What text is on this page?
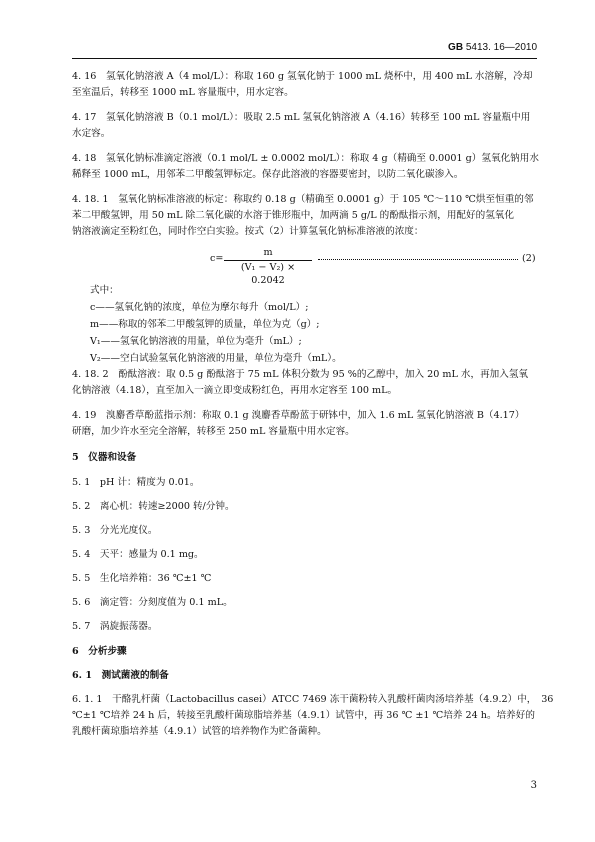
GB 5413. 16—2010
4. 16　氢氧化钠溶液 A（4 mol/L）：称取 160 g 氢氧化钠于 1000 mL 烧杯中，用 400 mL 水溶解，冷却
至室温后，转移至 1000 mL 容量瓶中，用水定容。
4. 17　氢氧化钠溶液 B（0.1 mol/L）：吸取 2.5 mL 氢氧化钠溶液 A（4.16）转移至 100 mL 容量瓶中用
水定容。
4. 18　氢氧化钠标准滴定溶液（0.1 mol/L ± 0.0002 mol/L）：称取 4 g（精确至 0.0001 g）氢氧化钠用水
稀释至 1000 mL，用邻苯二甲酸氢钾标定。保存此溶液的容器要密封，以防二氧化碳渗入。
4. 18. 1　氢氧化钠标准溶液的标定：称取约 0.18 g（精确至 0.0001 g）于 105 ℃～110 ℃烘至恒重的邻
苯二甲酸氢钾，用 50 mL 除二氧化碳的水溶于锥形瓶中，加两滴 5 g/L 的酚酞指示剂，用配好的氢氧化
钠溶液滴定至粉红色，同时作空白实验。按式（2）计算氢氧化钠标准溶液的浓度：
c=
m
(V₁ − V₂) × 0.2042
(2)
式中：
c——氢氧化钠的浓度，单位为摩尔每升（mol/L）;
m——称取的邻苯二甲酸氢钾的质量，单位为克（g）;
V₁——氢氧化钠溶液的用量，单位为毫升（mL）;
V₂——空白试验氢氧化钠溶液的用量，单位为毫升（mL）。
4. 18. 2　酚酞溶液：取 0.5 g 酚酞溶于 75 mL 体积分数为 95 %的乙醇中，加入 20 mL 水，再加入氢氧
化钠溶液（4.18），直至加入一滴立即变成粉红色，再用水定容至 100 mL。
4. 19　溴麝香草酚蓝指示剂：称取 0.1 g 溴麝香草酚蓝于研钵中，加入 1.6 mL 氢氧化钠溶液 B（4.17）
研磨，加少许水至完全溶解，转移至 250 mL 容量瓶中用水定容。
5　仪器和设备
5. 1　pH 计：精度为 0.01。
5. 2　离心机：转速≥2000 转/分钟。
5. 3　分光光度仪。
5. 4　天平：感量为 0.1 mg。
5. 5　生化培养箱：36 ℃±1 ℃
5. 6　滴定管：分刻度值为 0.1 mL。
5. 7　涡旋振荡器。
6　分析步骤
6. 1　测试菌液的制备
6. 1. 1　干酪乳杆菌（Lactobacillus casei）ATCC 7469 冻干菌粉转入乳酸杆菌肉汤培养基（4.9.2）中，　36
℃±1 ℃培养 24 h 后，转接至乳酸杆菌琼脂培养基（4.9.1）试管中，再 36 ℃ ±1 ℃培养 24 h。培养好的
乳酸杆菌琼脂培养基（4.9.1）试管的培养物作为贮备菌种。
3
